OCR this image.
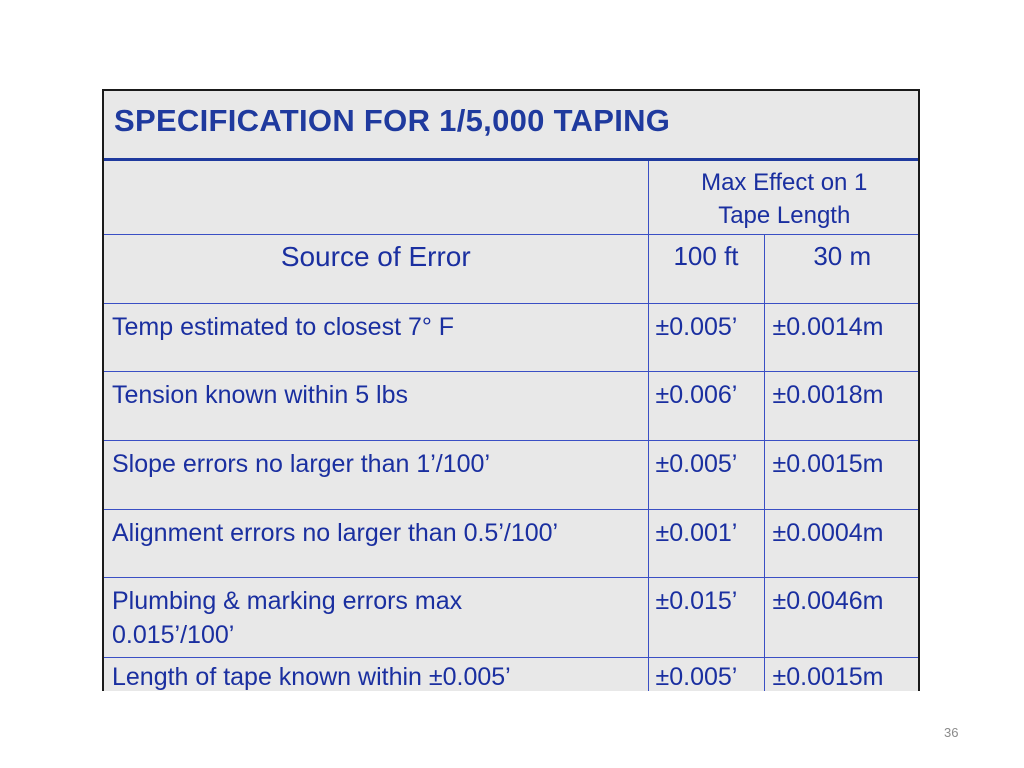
SPECIFICATION FOR 1/5,000 TAPING		

	Max Effect on 1
Tape Length	

Source of Error	100 ft	30 m
Temp estimated to closest 7° F	±0.005’	±0.0014m
Tension known within 5 lbs	±0.006’	±0.0018m
Slope errors no larger than 1’/100’	±0.005’	±0.0015m
Alignment errors no larger than 0.5’/100’	±0.001’	±0.0004m
Plumbing & marking errors max 0.015’/100’	±0.015’	±0.0046m
Length of tape known within ±0.005’	±0.005’	±0.0015m
36
